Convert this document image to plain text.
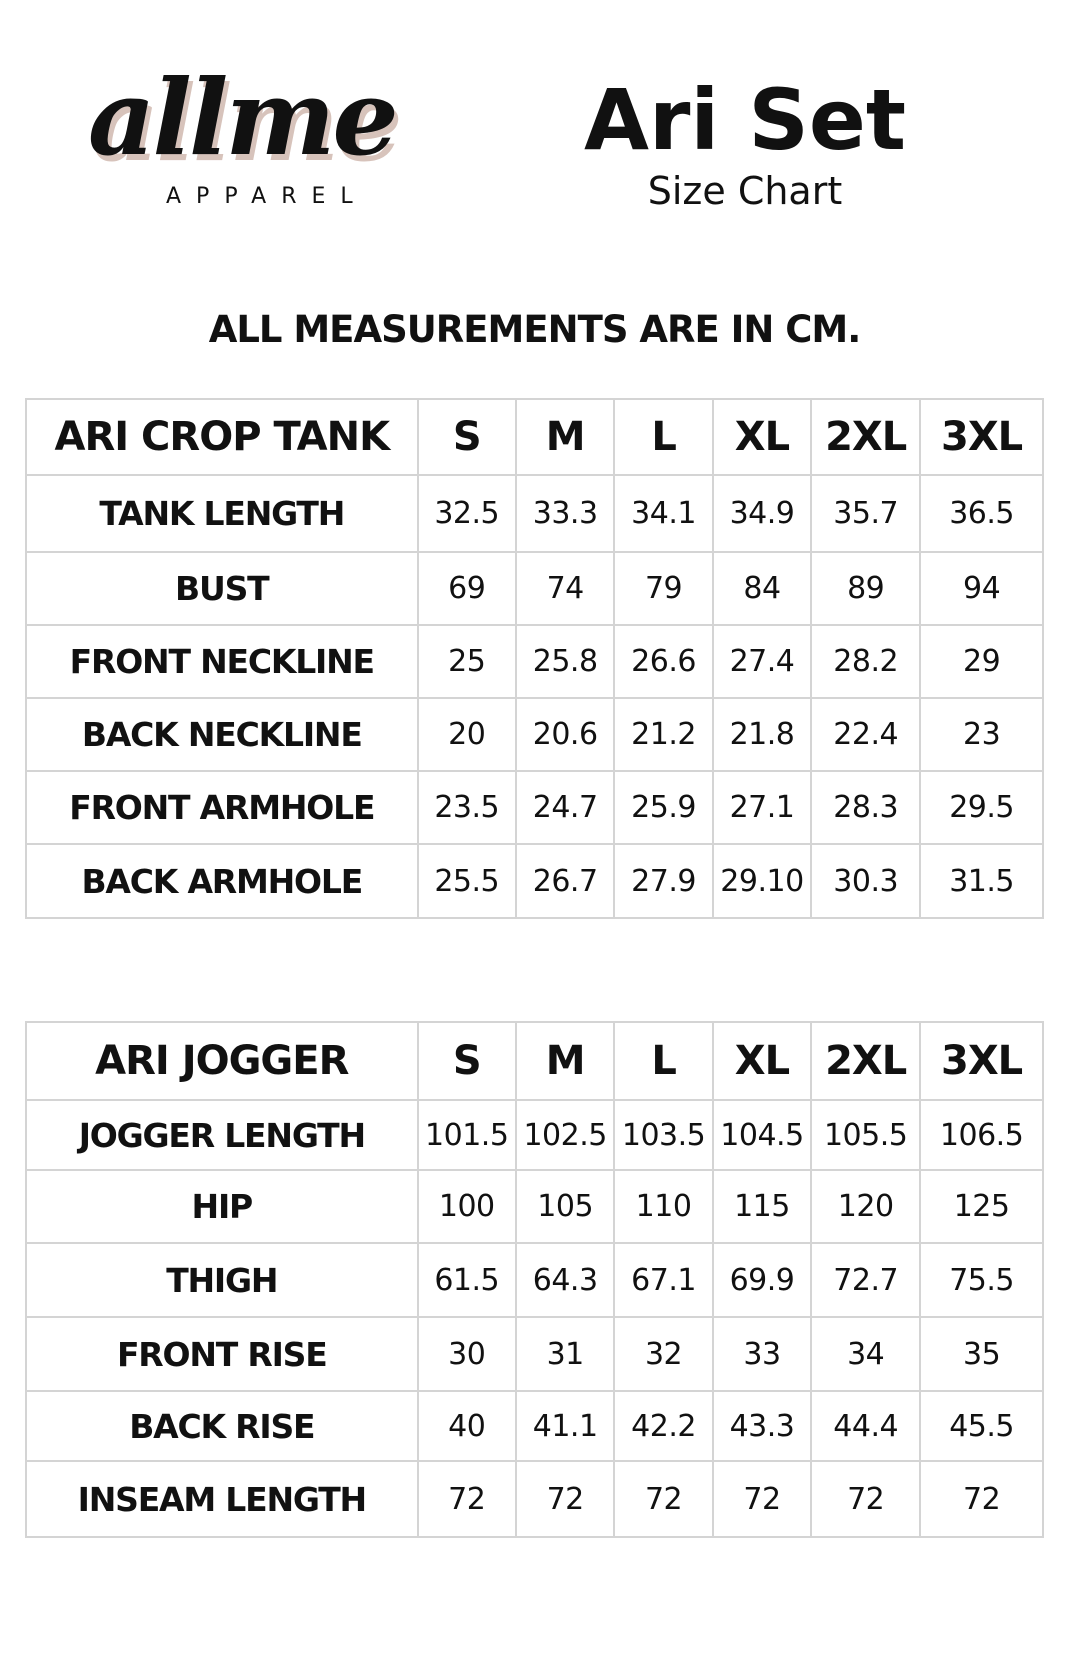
allme
APPAREL
Ari Set
Size Chart
ALL MEASUREMENTS ARE IN CM.
ARI CROP TANK	S	M	L	XL	2XL	3XL
TANK LENGTH	32.5	33.3	34.1	34.9	35.7	36.5
BUST	69	74	79	84	89	94
FRONT NECKLINE	25	25.8	26.6	27.4	28.2	29
BACK NECKLINE	20	20.6	21.2	21.8	22.4	23
FRONT ARMHOLE	23.5	24.7	25.9	27.1	28.3	29.5
BACK ARMHOLE	25.5	26.7	27.9	29.10	30.3	31.5
ARI JOGGER	S	M	L	XL	2XL	3XL
JOGGER LENGTH	101.5	102.5	103.5	104.5	105.5	106.5
HIP	100	105	110	115	120	125
THIGH	61.5	64.3	67.1	69.9	72.7	75.5
FRONT RISE	30	31	32	33	34	35
BACK RISE	40	41.1	42.2	43.3	44.4	45.5
INSEAM LENGTH	72	72	72	72	72	72
